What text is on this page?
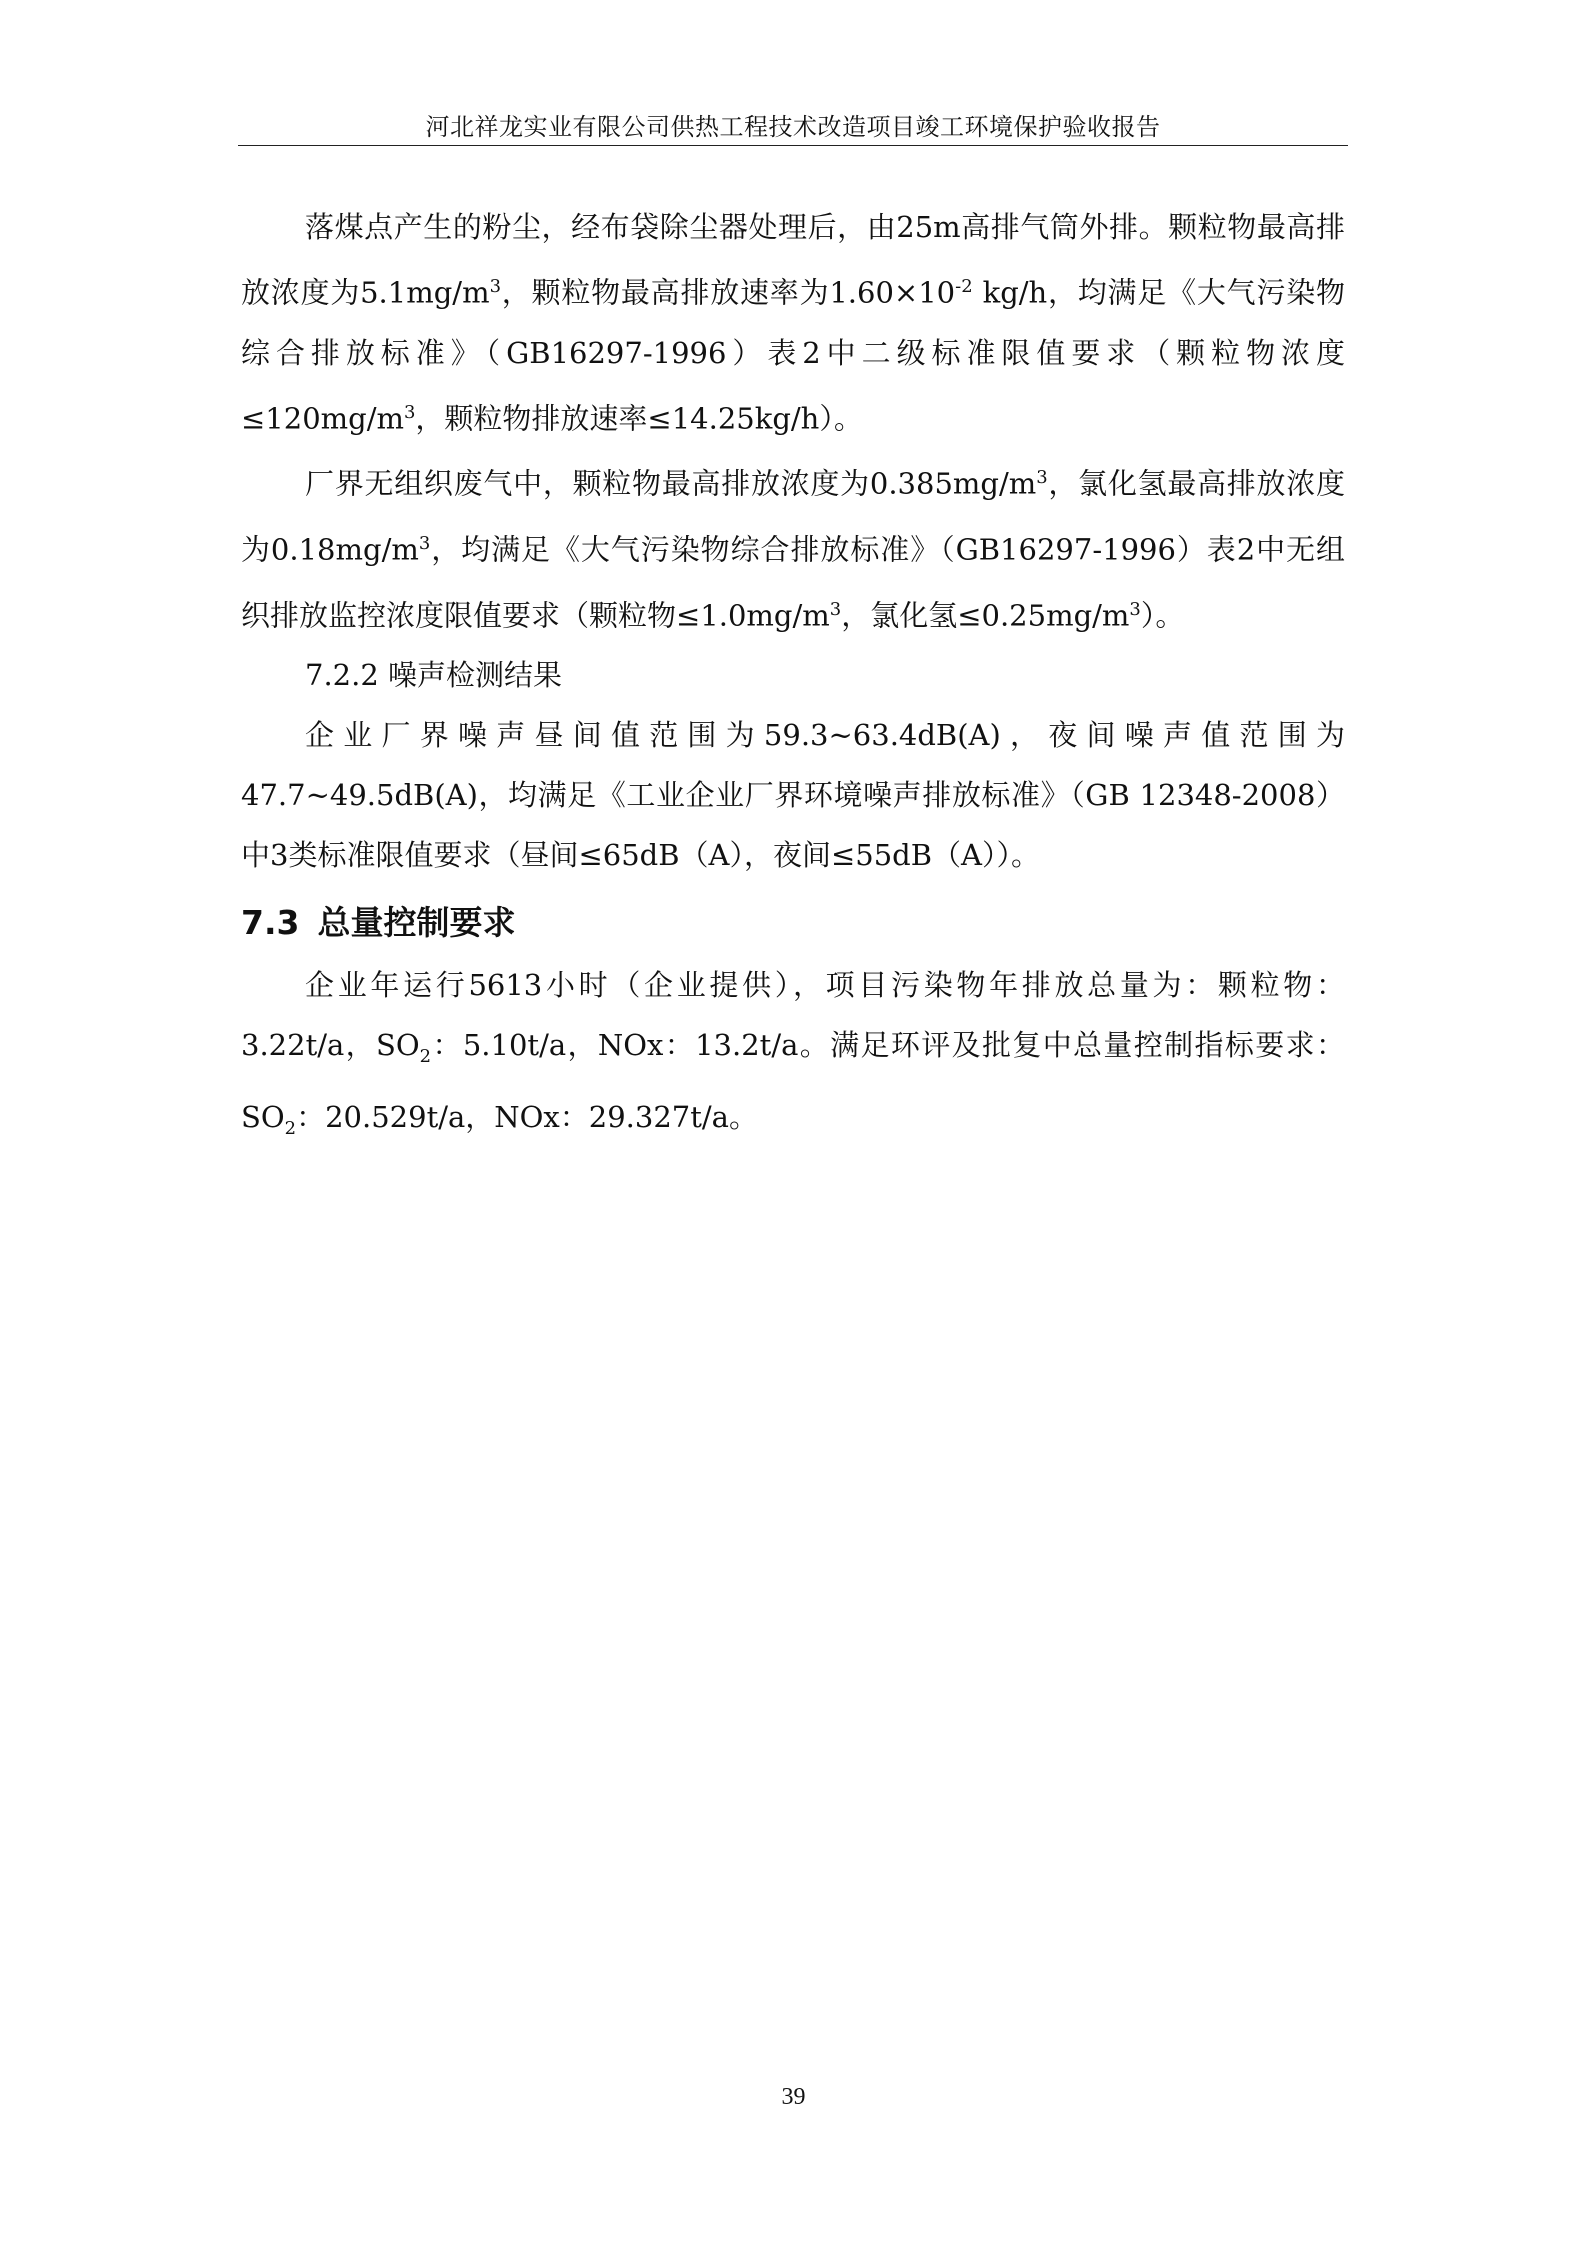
河北祥龙实业有限公司供热工程技术改造项目竣工环境保护验收报告

落煤点产生的粉尘，经布袋除尘器处理后，由25m高排气筒外排。颗粒物最高排放浓度为$5.1mg/m^3$，颗粒物最高排放速率为$1.60\times 10^{-2}$ kg/h，均满足《大气污染物综合排放标准》（GB16297-1996）表2中二级标准限值要求（颗粒物浓度$\le 120mg/m^3$，颗粒物排放速率≤14.25kg/h）。

厂界无组织废气中，颗粒物最高排放浓度为$0.385mg/m^3$，氯化氢最高排放浓度为$0.18mg/m^3$，均满足《大气污染物综合排放标准》（GB16297-1996）表2中无组织排放监控浓度限值要求（颗粒物$\le 1.0mg/m^3$，氯化氢$\le 0.25mg/m^3$）。

7.2.2 噪声检测结果

企业厂界噪声昼间值范围为59.3~63.4dB(A)，夜间噪声值范围为47.7~49.5dB(A)，均满足《工业企业厂界环境噪声排放标准》（GB 12348-2008）中3类标准限值要求（昼间≤65dB（A），夜间≤55dB（A））。

7.3 总量控制要求

企业年运行5613小时（企业提供），项目污染物年排放总量为：颗粒物：3.22t/a，$SO_2$：5.10t/a，NOx：13.2t/a。满足环评及批复中总量控制指标要求：$SO_2$：20.529t/a，NOx：29.327t/a。

39
